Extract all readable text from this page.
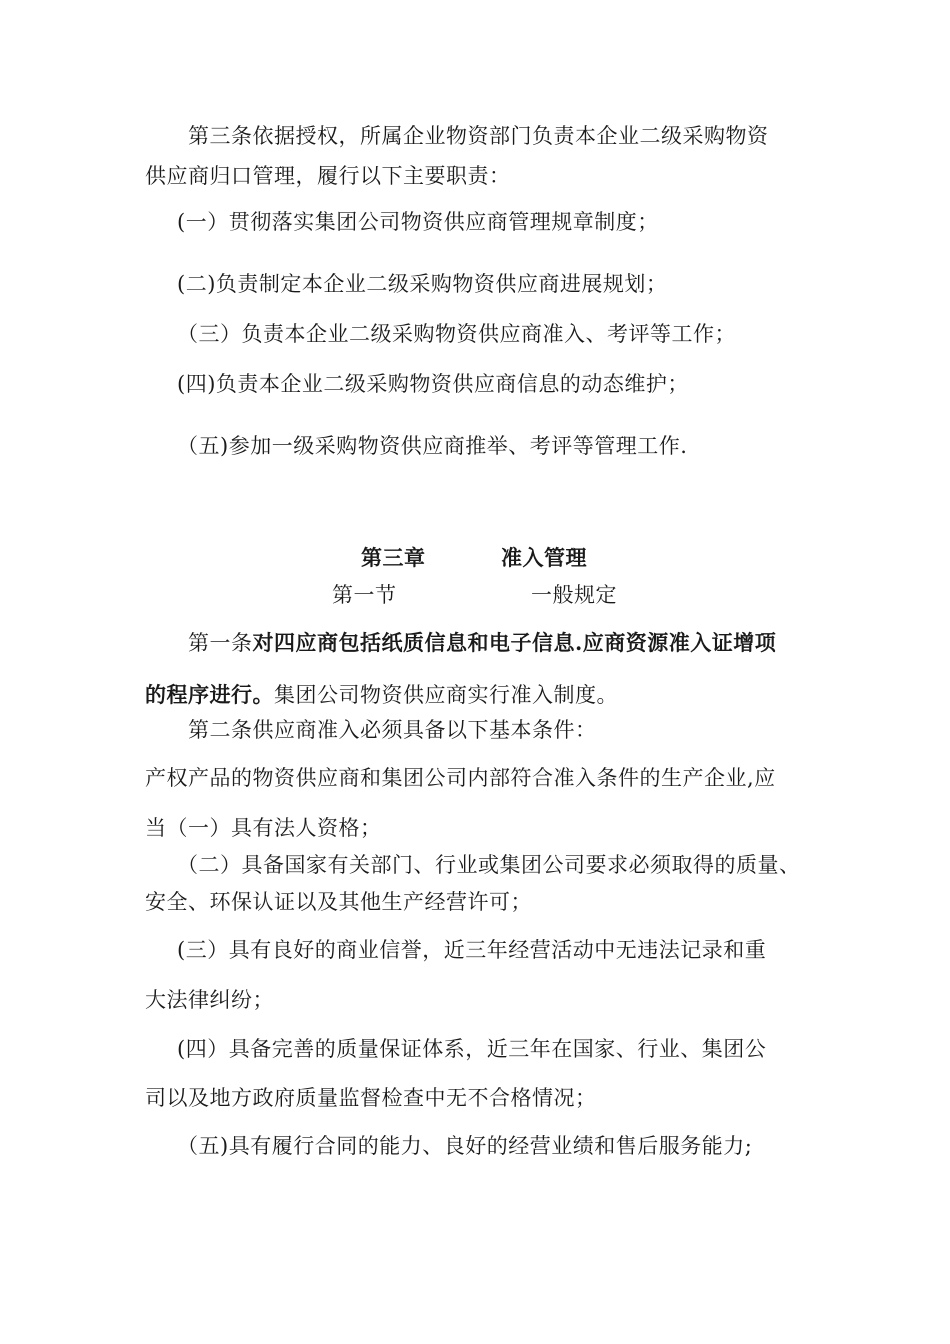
第三条依据授权，所属企业物资部门负责本企业二级采购物资
供应商归口管理，履行以下主要职责：
(一）贯彻落实集团公司物资供应商管理规章制度；
(二)负责制定本企业二级采购物资供应商进展规划；
（三）负责本企业二级采购物资供应商准入、考评等工作；
(四)负责本企业二级采购物资供应商信息的动态维护；
（五)参加一级采购物资供应商推举、考评等管理工作.
第三章	准入管理
第一节	一般规定
第一条对四应商包括纸质信息和电子信息.应商资源准入证增项
的程序进行。集团公司物资供应商实行准入制度。
第二条供应商准入必须具备以下基本条件：
产权产品的物资供应商和集团公司内部符合准入条件的生产企业,应
当（一）具有法人资格；
（二）具备国家有关部门、行业或集团公司要求必须取得的质量、
安全、环保认证以及其他生产经营许可；
(三）具有良好的商业信誉，近三年经营活动中无违法记录和重
大法律纠纷；
(四）具备完善的质量保证体系，近三年在国家、行业、集团公
司以及地方政府质量监督检查中无不合格情况；
（五)具有履行合同的能力、良好的经营业绩和售后服务能力;
